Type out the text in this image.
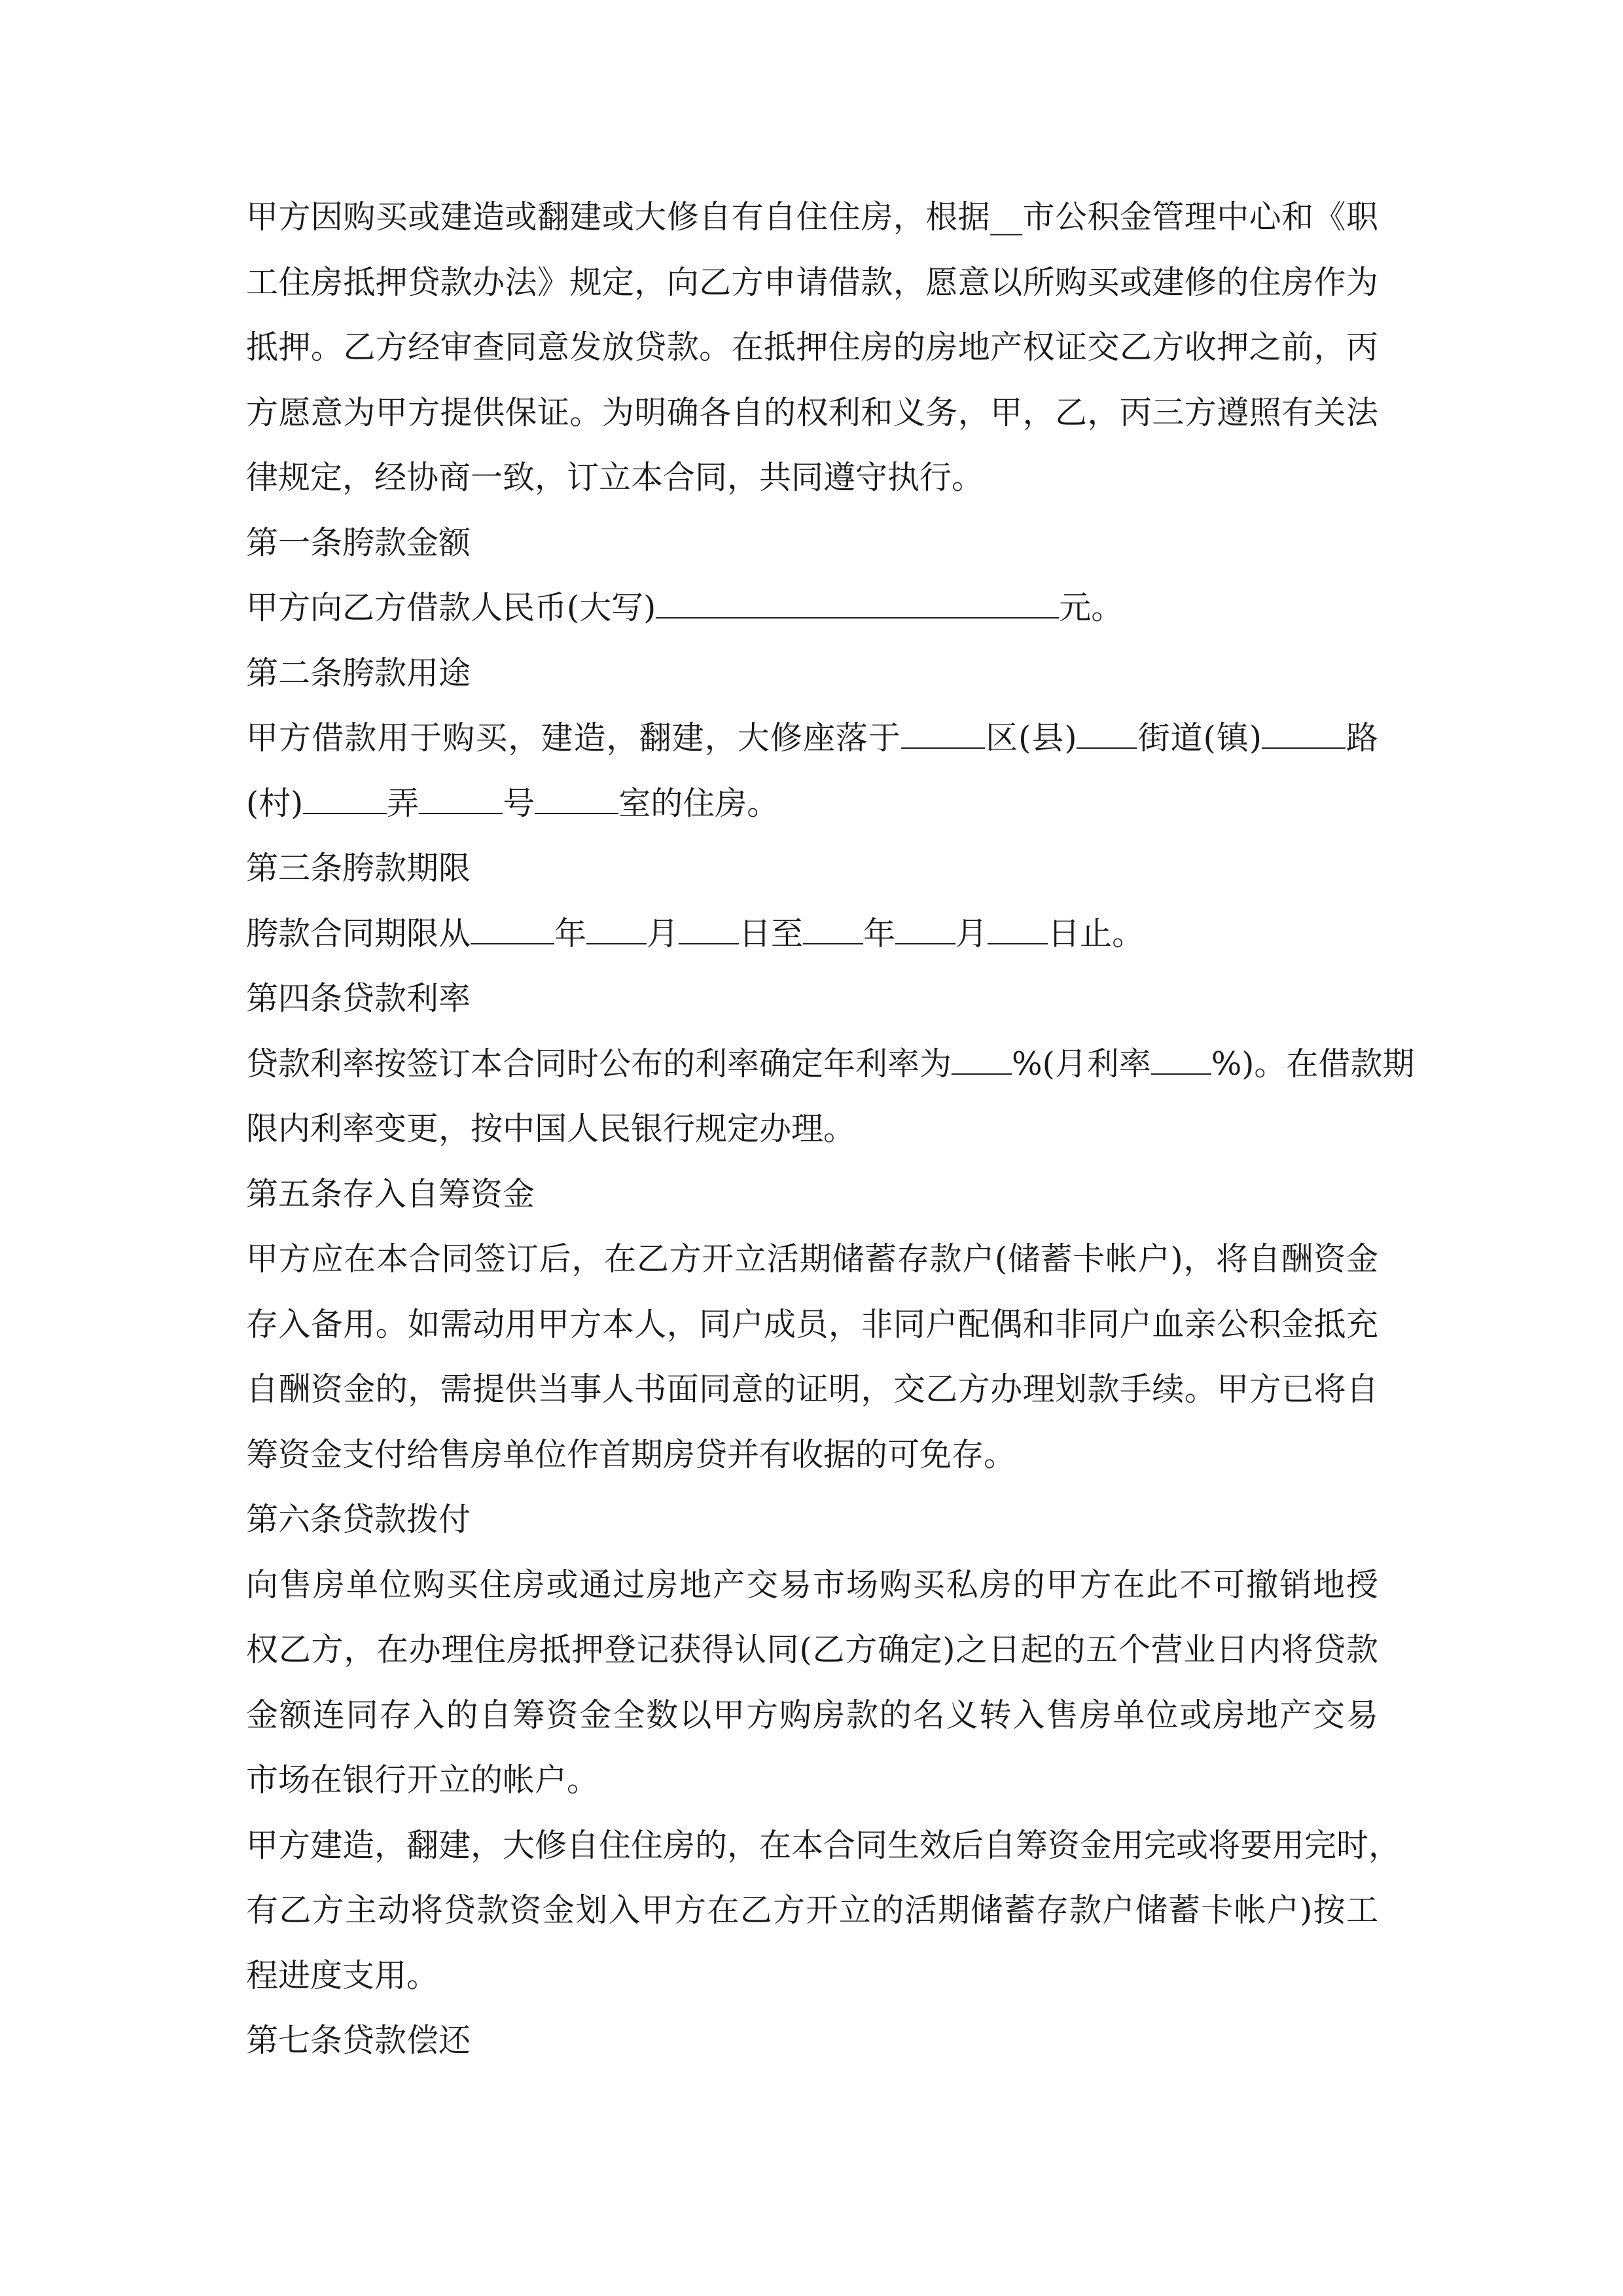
甲方因购买或建造或翻建或大修自有自住住房，根据__市公积金管理中心和《职
工住房抵押贷款办法》规定，向乙方申请借款，愿意以所购买或建修的住房作为
抵押。乙方经审查同意发放贷款。在抵押住房的房地产权证交乙方收押之前，丙
方愿意为甲方提供保证。为明确各自的权利和义务，甲，乙，丙三方遵照有关法
律规定，经协商一致，订立本合同，共同遵守执行。
第一条胯款金额
甲方向乙方借款人民币(大写)	元。
第二条胯款用途
甲方借款用于购买，建造，翻建，大修座落于	区(县) 街道(镇)	路
(村)	弄	号	室的住房。
第三条胯款期限
胯款合同期限从	年 月 日至 年 月 日止。
第四条贷款利率
贷款利率按签订本合同时公布的利率确定年利率为 %(月利率 %)。在借款期
限内利率变更，按中国人民银行规定办理。
第五条存入自筹资金
甲方应在本合同签订后，在乙方开立活期储蓄存款户(储蓄卡帐户)，将自酬资金
存入备用。如需动用甲方本人，同户成员，非同户配偶和非同户血亲公积金抵充
自酬资金的，需提供当事人书面同意的证明，交乙方办理划款手续。甲方已将自
筹资金支付给售房单位作首期房贷并有收据的可免存。
第六条贷款拨付
向售房单位购买住房或通过房地产交易市场购买私房的甲方在此不可撤销地授
权乙方，在办理住房抵押登记获得认同(乙方确定)之日起的五个营业日内将贷款
金额连同存入的自筹资金全数以甲方购房款的名义转入售房单位或房地产交易
市场在银行开立的帐户。
甲方建造，翻建，大修自住住房的，在本合同生效后自筹资金用完或将要用完时，
有乙方主动将贷款资金划入甲方在乙方开立的活期储蓄存款户储蓄卡帐户)按工
程进度支用。
第七条贷款偿还
